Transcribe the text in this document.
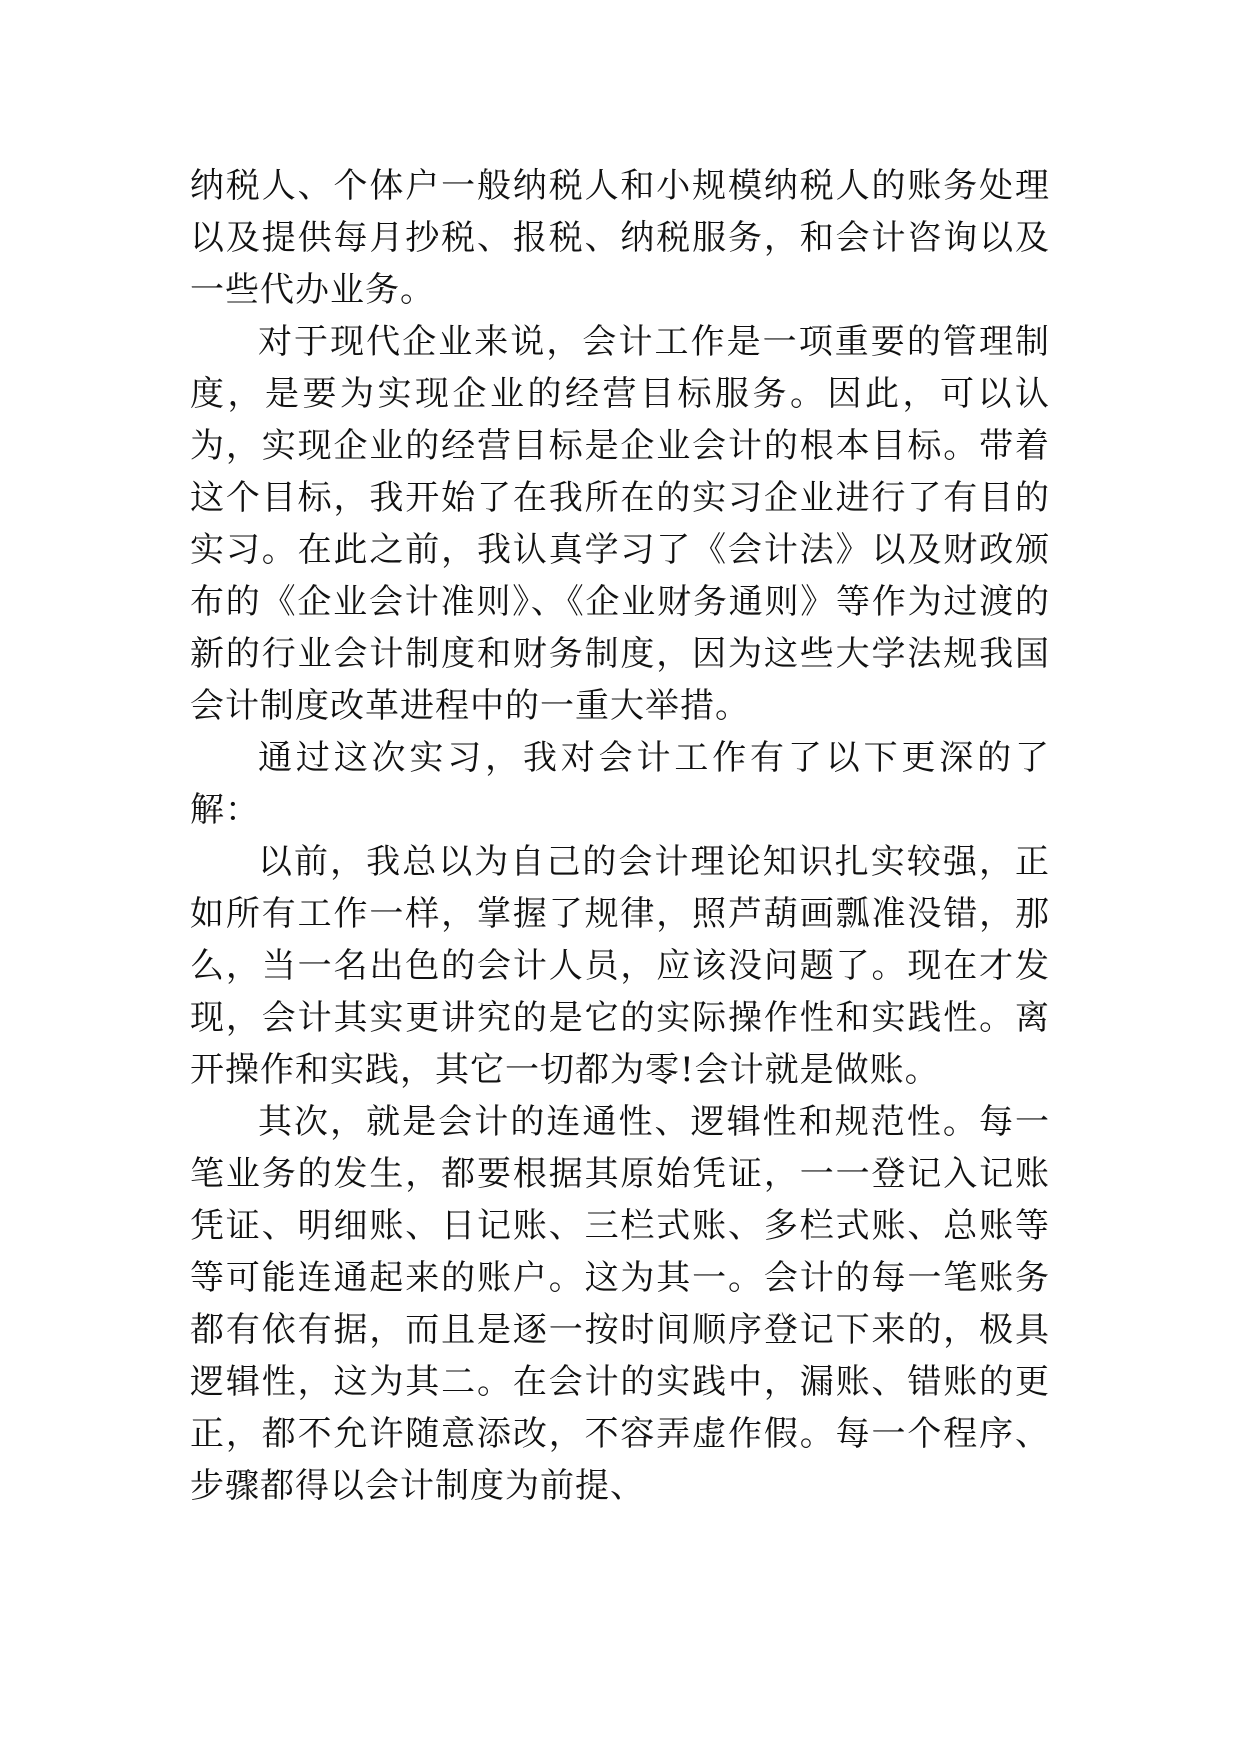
纳税人、个体户一般纳税人和小规模纳税人的账务处理以及提供每月抄税、报税、纳税服务，和会计咨询以及一些代办业务。

对于现代企业来说，会计工作是一项重要的管理制度，是要为实现企业的经营目标服务。因此，可以认为，实现企业的经营目标是企业会计的根本目标。带着这个目标，我开始了在我所在的实习企业进行了有目的实习。在此之前，我认真学习了《会计法》以及财政颁布的《企业会计准则》、《企业财务通则》等作为过渡的新的行业会计制度和财务制度，因为这些大学法规我国会计制度改革进程中的一重大举措。

通过这次实习，我对会计工作有了以下更深的了解：

以前，我总以为自己的会计理论知识扎实较强，正如所有工作一样，掌握了规律，照芦葫画瓢准没错，那么，当一名出色的会计人员，应该没问题了。现在才发现，会计其实更讲究的是它的实际操作性和实践性。离开操作和实践，其它一切都为零!会计就是做账。

其次，就是会计的连通性、逻辑性和规范性。每一笔业务的发生，都要根据其原始凭证，一一登记入记账凭证、明细账、日记账、三栏式账、多栏式账、总账等等可能连通起来的账户。这为其一。会计的每一笔账务都有依有据，而且是逐一按时间顺序登记下来的，极具逻辑性，这为其二。在会计的实践中，漏账、错账的更正，都不允许随意添改，不容弄虚作假。每一个程序、步骤都得以会计制度为前提、
